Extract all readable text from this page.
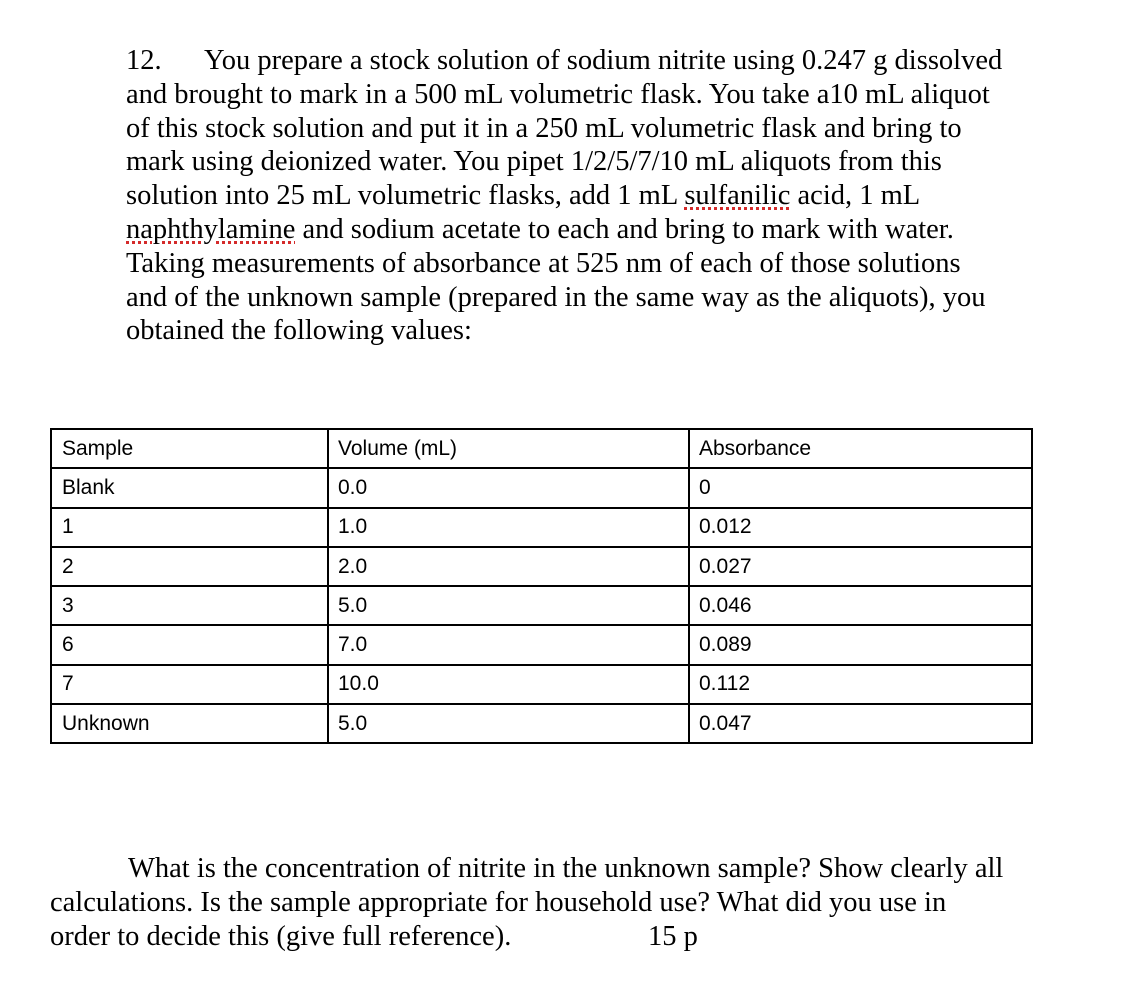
12. You prepare a stock solution of sodium nitrite using 0.247 g dissolved
and brought to mark in a 500 mL volumetric flask. You take a10 mL aliquot
of this stock solution and put it in a 250 mL volumetric flask and bring to
mark using deionized water. You pipet 1/2/5/7/10 mL aliquots from this
solution into 25 mL volumetric flasks, add 1 mL sulfanilic acid, 1 mL
naphthylamine and sodium acetate to each and bring to mark with water.
Taking measurements of absorbance at 525 nm of each of those solutions
and of the unknown sample (prepared in the same way as the aliquots), you
obtained the following values:
Sample	Volume (mL)	Absorbance
Blank	0.0	0
1	1.0	0.012
2	2.0	0.027
3	5.0	0.046
6	7.0	0.089
7	10.0	0.112
Unknown	5.0	0.047
What is the concentration of nitrite in the unknown sample? Show clearly all
calculations. Is the sample appropriate for household use? What did you use in
order to decide this (give full reference).	15 p
